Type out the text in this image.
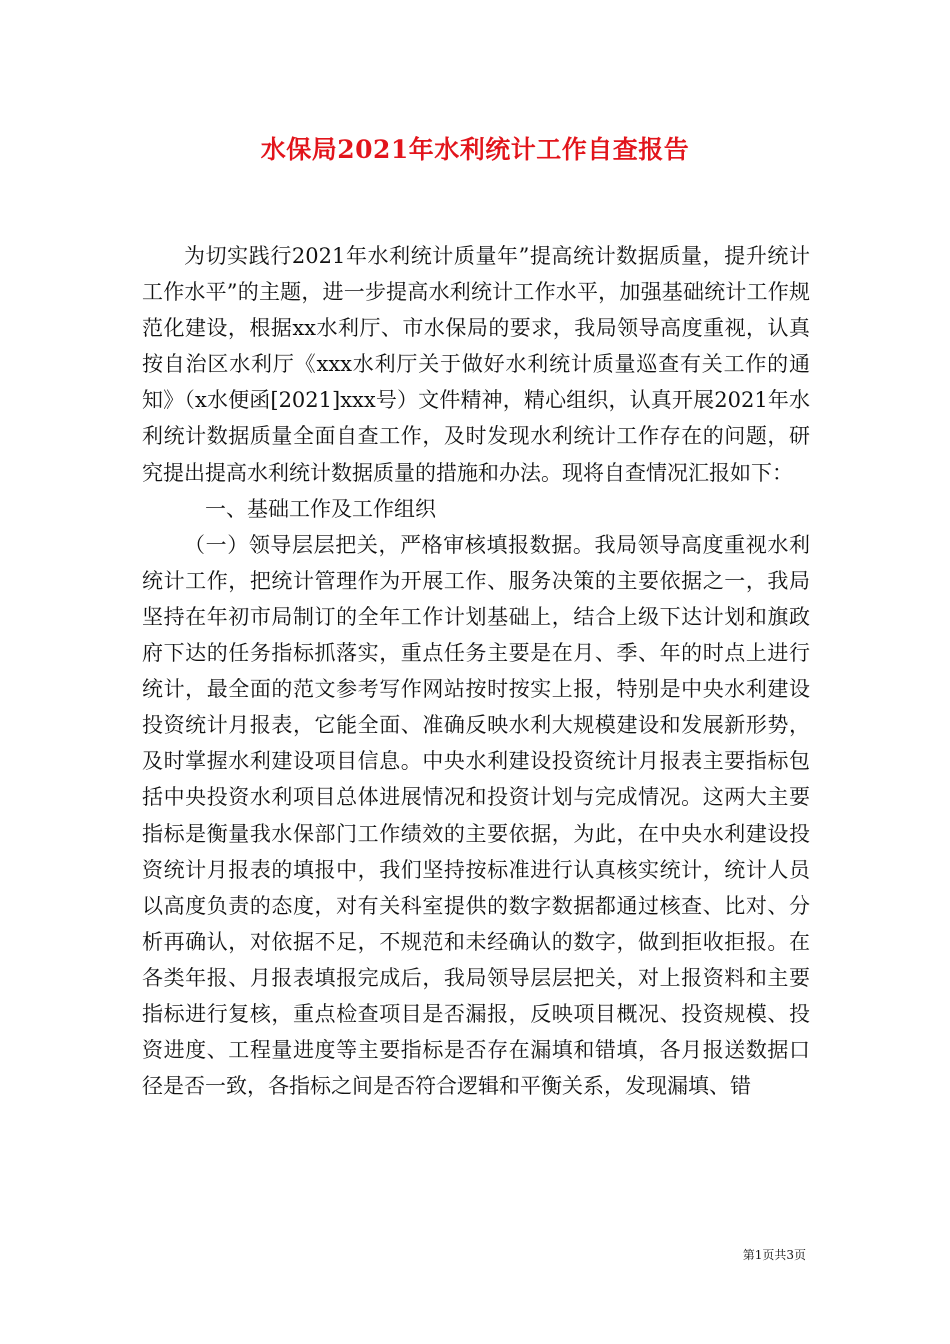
水保局2021年水利统计工作自查报告

为切实践行2021年水利统计质量年”提高统计数据质量，提升统计工作水平”的主题，进一步提高水利统计工作水平，加强基础统计工作规范化建设，根据xx水利厅、市水保局的要求，我局领导高度重视，认真按自治区水利厅《xxx水利厅关于做好水利统计质量巡查有关工作的通知》（x水便函[2021]xxx号）文件精神，精心组织，认真开展2021年水利统计数据质量全面自查工作，及时发现水利统计工作存在的问题，研究提出提高水利统计数据质量的措施和办法。现将自查情况汇报如下：

一、基础工作及工作组织

（一）领导层层把关，严格审核填报数据。我局领导高度重视水利统计工作，把统计管理作为开展工作、服务决策的主要依据之一，我局坚持在年初市局制订的全年工作计划基础上，结合上级下达计划和旗政府下达的任务指标抓落实，重点任务主要是在月、季、年的时点上进行统计，最全面的范文参考写作网站按时按实上报，特别是中央水利建设投资统计月报表，它能全面、准确反映水利大规模建设和发展新形势，及时掌握水利建设项目信息。中央水利建设投资统计月报表主要指标包括中央投资水利项目总体进展情况和投资计划与完成情况。这两大主要指标是衡量我水保部门工作绩效的主要依据，为此，在中央水利建设投资统计月报表的填报中，我们坚持按标准进行认真核实统计，统计人员以高度负责的态度，对有关科室提供的数字数据都通过核查、比对、分析再确认，对依据不足，不规范和未经确认的数字，做到拒收拒报。在各类年报、月报表填报完成后，我局领导层层把关，对上报资料和主要指标进行复核，重点检查项目是否漏报，反映项目概况、投资规模、投资进度、工程量进度等主要指标是否存在漏填和错填，各月报送数据口径是否一致，各指标之间是否符合逻辑和平衡关系，发现漏填、错

第1页共3页
